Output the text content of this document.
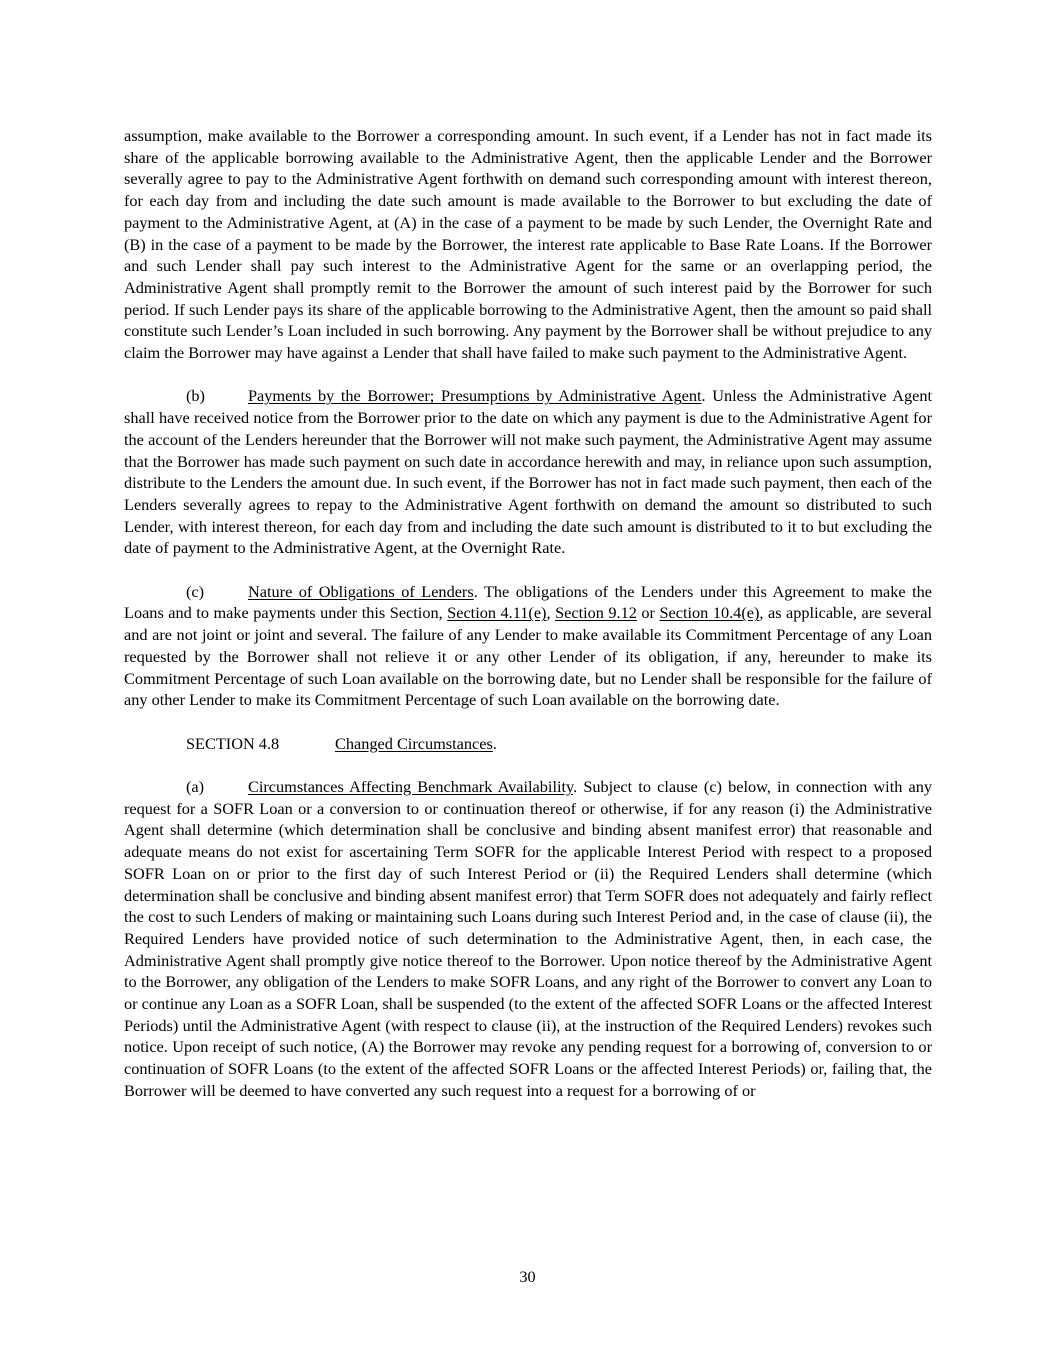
assumption, make available to the Borrower a corresponding amount. In such event, if a Lender has not in fact made its share of the applicable borrowing available to the Administrative Agent, then the applicable Lender and the Borrower severally agree to pay to the Administrative Agent forthwith on demand such corresponding amount with interest thereon, for each day from and including the date such amount is made available to the Borrower to but excluding the date of payment to the Administrative Agent, at (A) in the case of a payment to be made by such Lender, the Overnight Rate and (B) in the case of a payment to be made by the Borrower, the interest rate applicable to Base Rate Loans. If the Borrower and such Lender shall pay such interest to the Administrative Agent for the same or an overlapping period, the Administrative Agent shall promptly remit to the Borrower the amount of such interest paid by the Borrower for such period. If such Lender pays its share of the applicable borrowing to the Administrative Agent, then the amount so paid shall constitute such Lender’s Loan included in such borrowing. Any payment by the Borrower shall be without prejudice to any claim the Borrower may have against a Lender that shall have failed to make such payment to the Administrative Agent.

(b)	Payments by the Borrower; Presumptions by Administrative Agent. Unless the Administrative Agent shall have received notice from the Borrower prior to the date on which any payment is due to the Administrative Agent for the account of the Lenders hereunder that the Borrower will not make such payment, the Administrative Agent may assume that the Borrower has made such payment on such date in accordance herewith and may, in reliance upon such assumption, distribute to the Lenders the amount due. In such event, if the Borrower has not in fact made such payment, then each of the Lenders severally agrees to repay to the Administrative Agent forthwith on demand the amount so distributed to such Lender, with interest thereon, for each day from and including the date such amount is distributed to it to but excluding the date of payment to the Administrative Agent, at the Overnight Rate.

(c)	Nature of Obligations of Lenders. The obligations of the Lenders under this Agreement to make the Loans and to make payments under this Section, Section 4.11(e), Section 9.12 or Section 10.4(e), as applicable, are several and are not joint or joint and several. The failure of any Lender to make available its Commitment Percentage of any Loan requested by the Borrower shall not relieve it or any other Lender of its obligation, if any, hereunder to make its Commitment Percentage of such Loan available on the borrowing date, but no Lender shall be responsible for the failure of any other Lender to make its Commitment Percentage of such Loan available on the borrowing date.

SECTION 4.8	Changed Circumstances.

(a)	Circumstances Affecting Benchmark Availability. Subject to clause (c) below, in connection with any request for a SOFR Loan or a conversion to or continuation thereof or otherwise, if for any reason (i) the Administrative Agent shall determine (which determination shall be conclusive and binding absent manifest error) that reasonable and adequate means do not exist for ascertaining Term SOFR for the applicable Interest Period with respect to a proposed SOFR Loan on or prior to the first day of such Interest Period or (ii) the Required Lenders shall determine (which determination shall be conclusive and binding absent manifest error) that Term SOFR does not adequately and fairly reflect the cost to such Lenders of making or maintaining such Loans during such Interest Period and, in the case of clause (ii), the Required Lenders have provided notice of such determination to the Administrative Agent, then, in each case, the Administrative Agent shall promptly give notice thereof to the Borrower. Upon notice thereof by the Administrative Agent to the Borrower, any obligation of the Lenders to make SOFR Loans, and any right of the Borrower to convert any Loan to or continue any Loan as a SOFR Loan, shall be suspended (to the extent of the affected SOFR Loans or the affected Interest Periods) until the Administrative Agent (with respect to clause (ii), at the instruction of the Required Lenders) revokes such notice. Upon receipt of such notice, (A) the Borrower may revoke any pending request for a borrowing of, conversion to or continuation of SOFR Loans (to the extent of the affected SOFR Loans or the affected Interest Periods) or, failing that, the Borrower will be deemed to have converted any such request into a request for a borrowing of or

30
